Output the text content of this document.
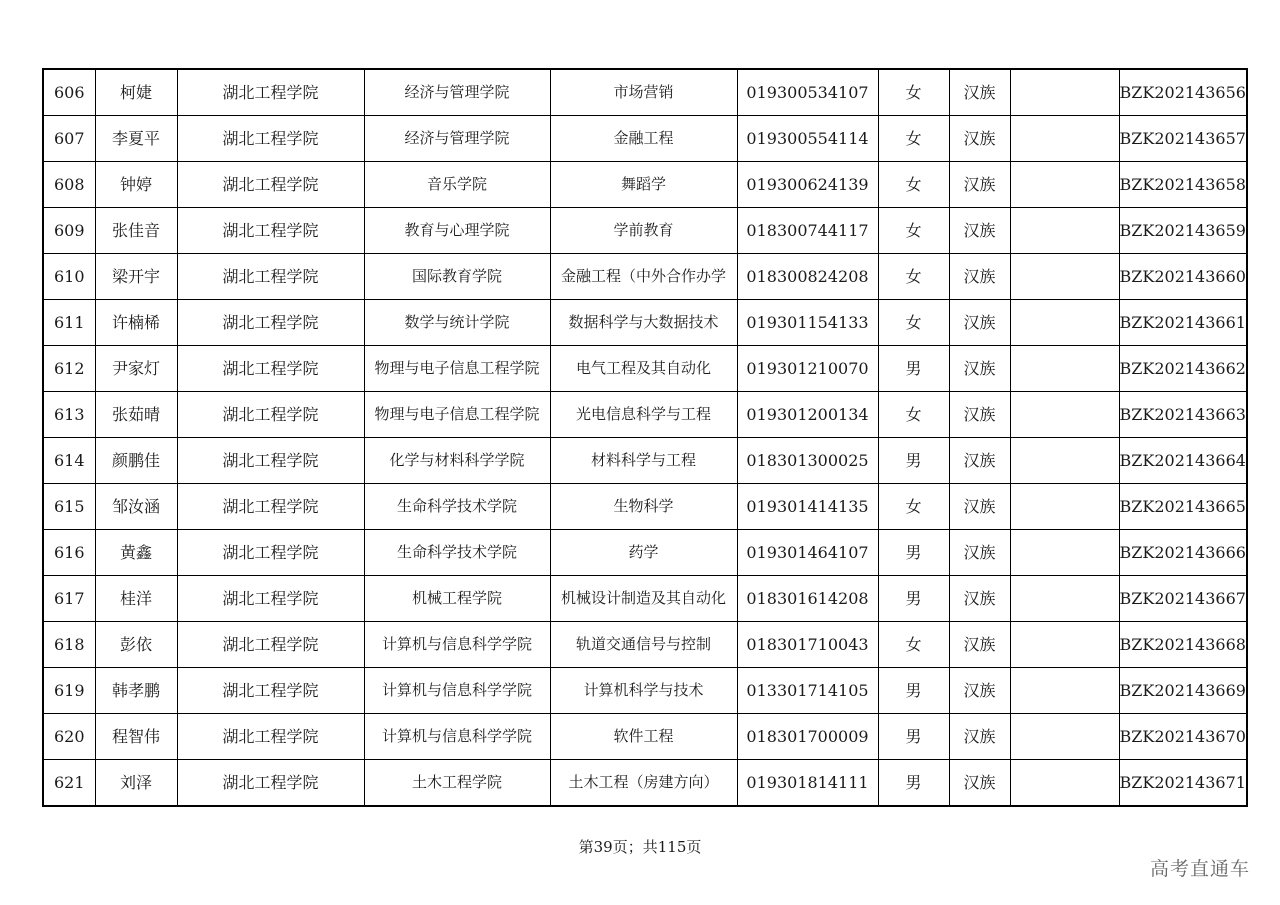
606	柯婕	湖北工程学院	经济与管理学院	市场营销	019300534107	女	汉族		BZK202143656
607	李夏平	湖北工程学院	经济与管理学院	金融工程	019300554114	女	汉族		BZK202143657
608	钟婷	湖北工程学院	音乐学院	舞蹈学	019300624139	女	汉族		BZK202143658
609	张佳音	湖北工程学院	教育与心理学院	学前教育	018300744117	女	汉族		BZK202143659
610	梁开宇	湖北工程学院	国际教育学院	金融工程（中外合作办学	018300824208	女	汉族		BZK202143660
611	许楠桸	湖北工程学院	数学与统计学院	数据科学与大数据技术	019301154133	女	汉族		BZK202143661
612	尹家灯	湖北工程学院	物理与电子信息工程学院	电气工程及其自动化	019301210070	男	汉族		BZK202143662
613	张茹晴	湖北工程学院	物理与电子信息工程学院	光电信息科学与工程	019301200134	女	汉族		BZK202143663
614	颜鹏佳	湖北工程学院	化学与材料科学学院	材料科学与工程	018301300025	男	汉族		BZK202143664
615	邹汝涵	湖北工程学院	生命科学技术学院	生物科学	019301414135	女	汉族		BZK202143665
616	黄鑫	湖北工程学院	生命科学技术学院	药学	019301464107	男	汉族		BZK202143666
617	桂洋	湖北工程学院	机械工程学院	机械设计制造及其自动化	018301614208	男	汉族		BZK202143667
618	彭依	湖北工程学院	计算机与信息科学学院	轨道交通信号与控制	018301710043	女	汉族		BZK202143668
619	韩孝鹏	湖北工程学院	计算机与信息科学学院	计算机科学与技术	013301714105	男	汉族		BZK202143669
620	程智伟	湖北工程学院	计算机与信息科学学院	软件工程	018301700009	男	汉族		BZK202143670
621	刘泽	湖北工程学院	土木工程学院	土木工程（房建方向）	019301814111	男	汉族		BZK202143671
第39页；共115页
高考直通车
